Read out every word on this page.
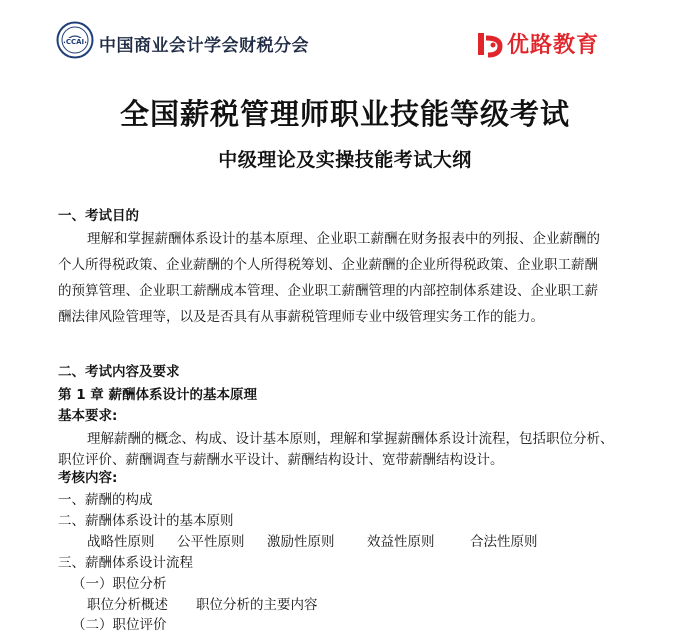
CCAI 中国商业会计学会财税分会	优路教育
全国薪税管理师职业技能等级考试
中级理论及实操技能考试大纲
一、考试目的
理解和掌握薪酬体系设计的基本原理、企业职工薪酬在财务报表中的列报、企业薪酬的
个人所得税政策、企业薪酬的个人所得税筹划、企业薪酬的企业所得税政策、企业职工薪酬
的预算管理、企业职工薪酬成本管理、企业职工薪酬管理的内部控制体系建设、企业职工薪
酬法律风险管理等，以及是否具有从事薪税管理师专业中级管理实务工作的能力。
二、考试内容及要求
第 1 章 薪酬体系设计的基本原理
基本要求:
理解薪酬的概念、构成、设计基本原则，理解和掌握薪酬体系设计流程，包括职位分析、
职位评价、薪酬调查与薪酬水平设计、薪酬结构设计、宽带薪酬结构设计。
考核内容:
一、薪酬的构成
二、薪酬体系设计的基本原则
战略性原则 公平性原则 激励性原则 效益性原则	合法性原则
三、薪酬体系设计流程
（一）职位分析
职位分析概述 职位分析的主要内容
（二）职位评价
